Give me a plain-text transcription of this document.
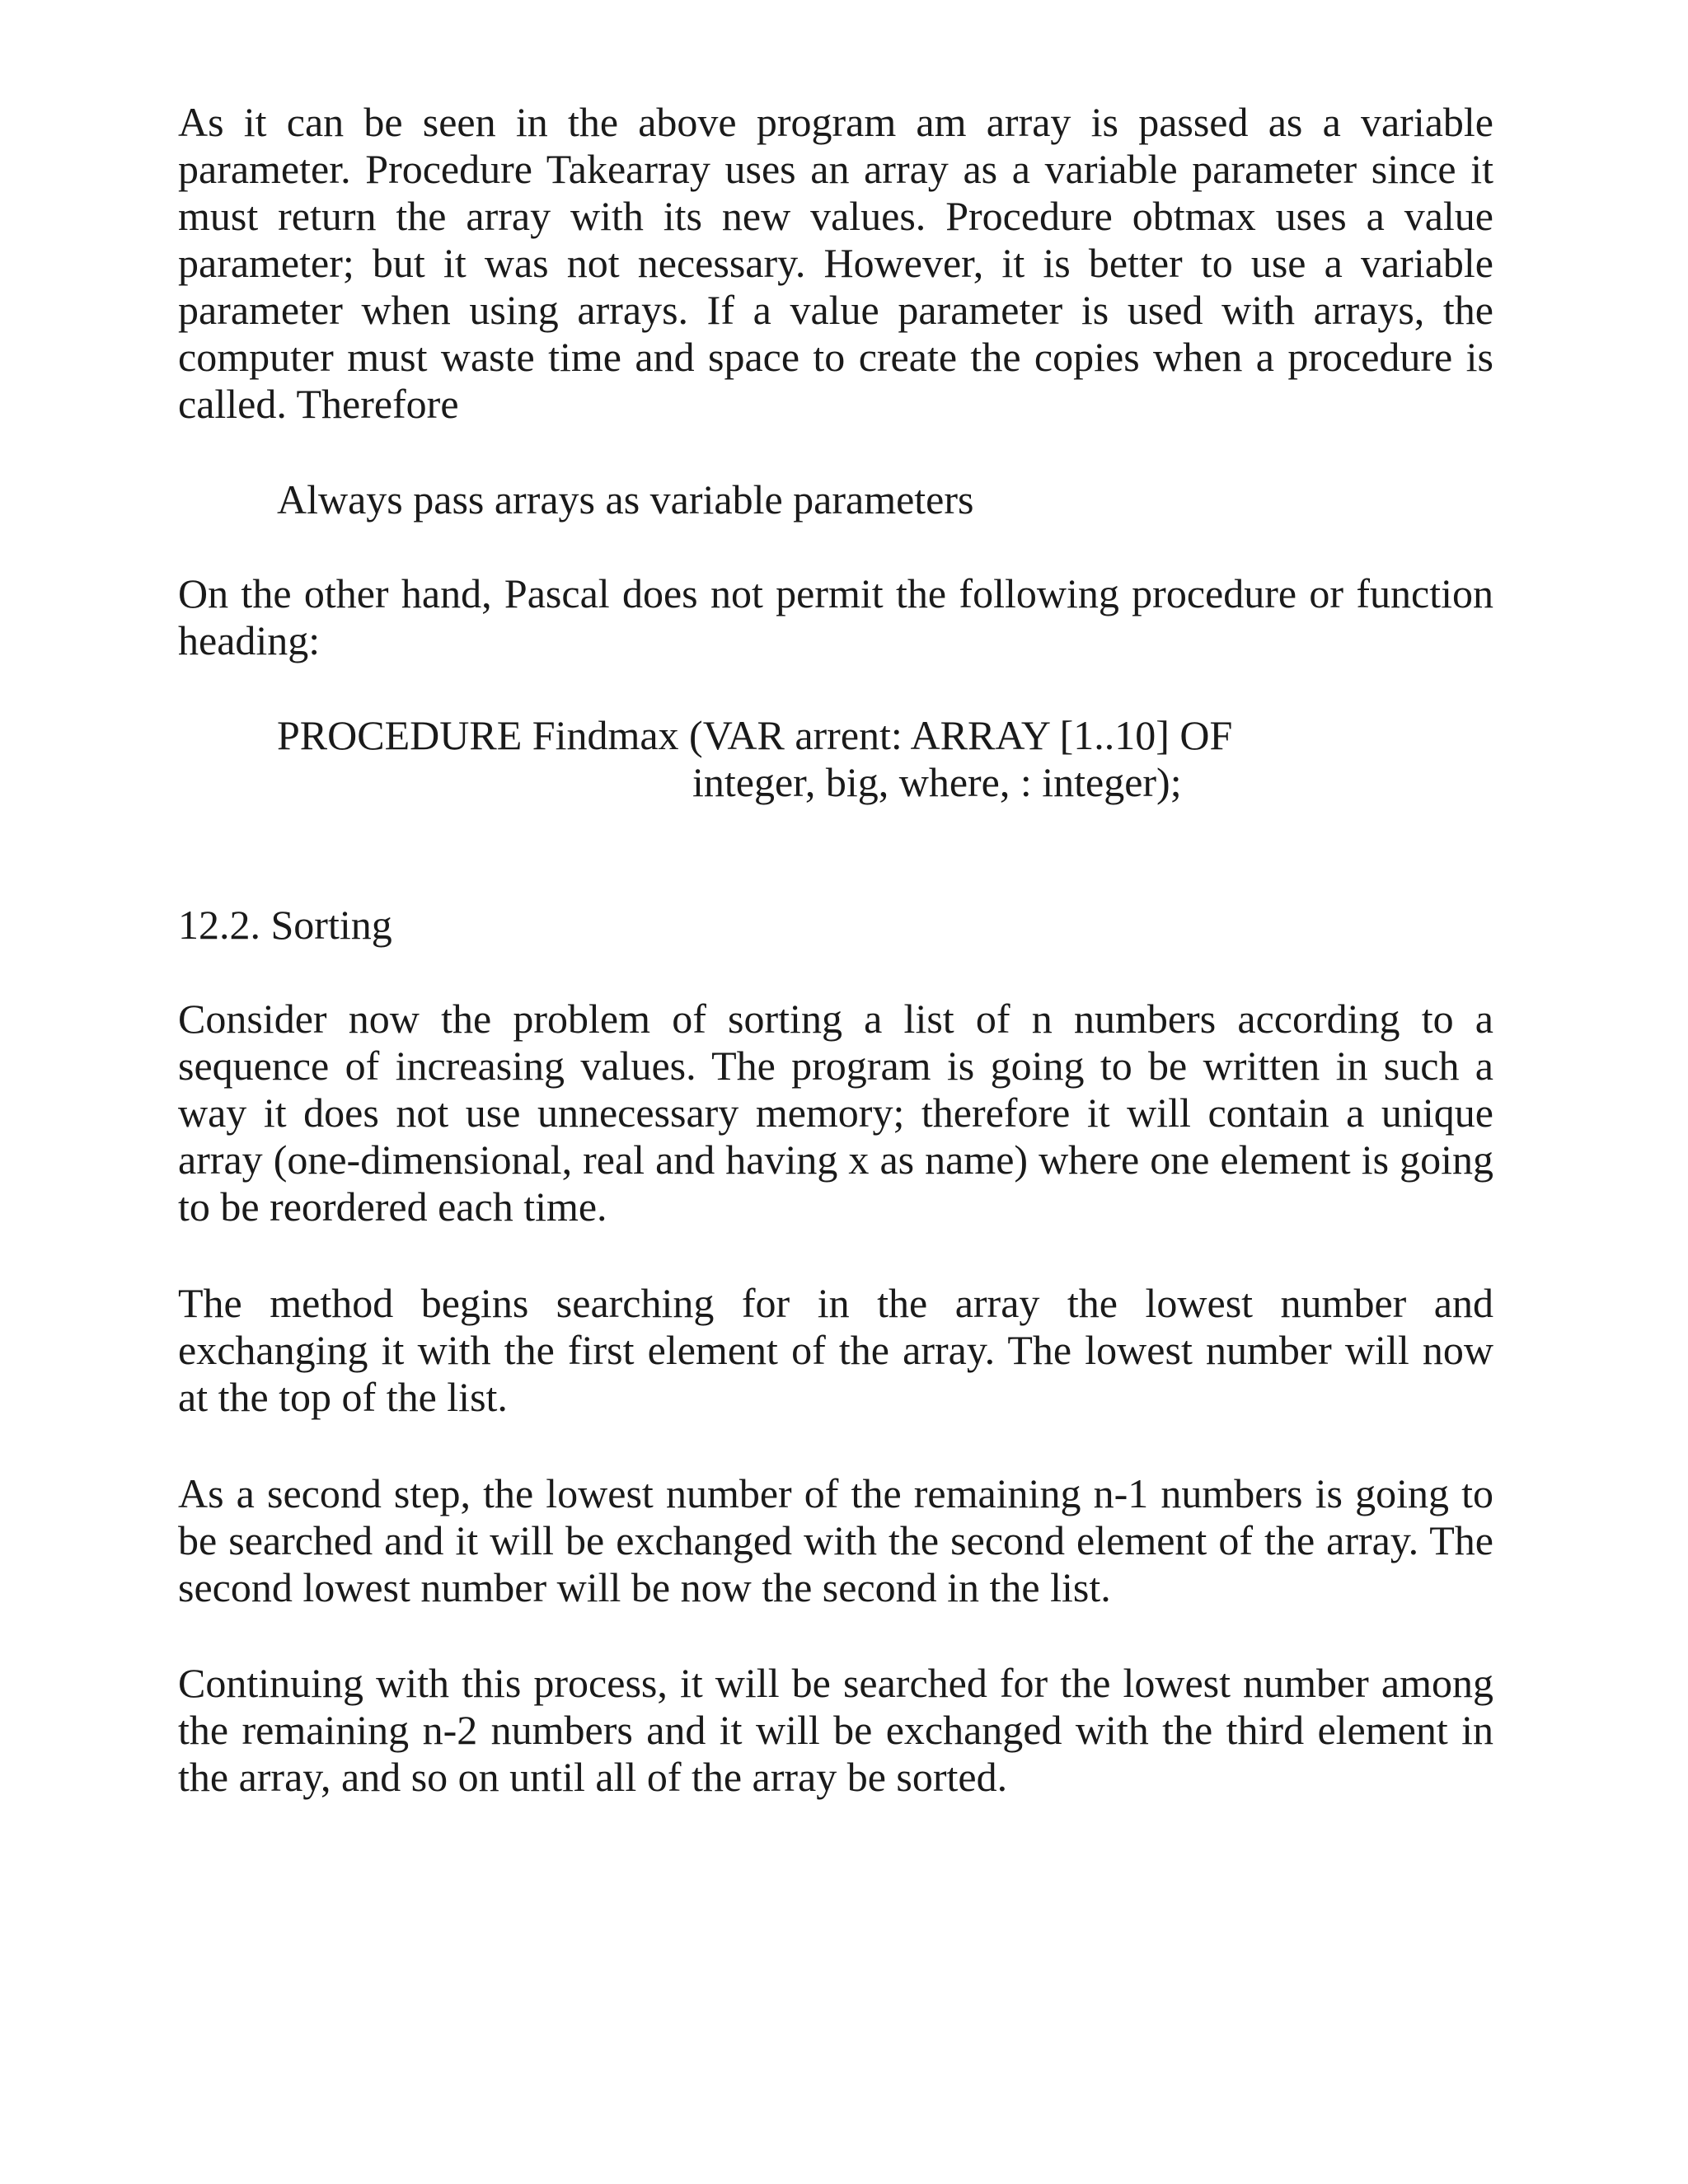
As it can be seen in the above program am array is passed as a variable parameter. Procedure Takearray uses an array as a variable parameter since it must return the array with its new values. Procedure obtmax uses a value parameter; but it was not necessary. However, it is better to use a variable parameter when using arrays. If a value parameter is used with arrays, the computer must waste time and space to create the copies when a procedure is called. Therefore
Always pass arrays as variable parameters
On the other hand, Pascal does not permit the following procedure or function heading:
PROCEDURE Findmax (VAR arrent: ARRAY [1..10] OF
integer, big, where, : integer);
12.2. Sorting
Consider now the problem of sorting a list of n numbers according to a sequence of increasing values. The program is going to be written in such a way it does not use unnecessary memory; therefore it will contain a unique array (one-dimensional, real and having x as name) where one element is going to be reordered each time.
The method begins searching for in the array the lowest number and exchanging it with the first element of the array. The lowest number will now at the top of the list.
As a second step, the lowest number of the remaining n-1 numbers is going to be searched and it will be exchanged with the second element of the array. The second lowest number will be now the second in the list.
Continuing with this process, it will be searched for the lowest number among the remaining n-2 numbers and it will be exchanged with the third element in the array, and so on until all of the array be sorted.
